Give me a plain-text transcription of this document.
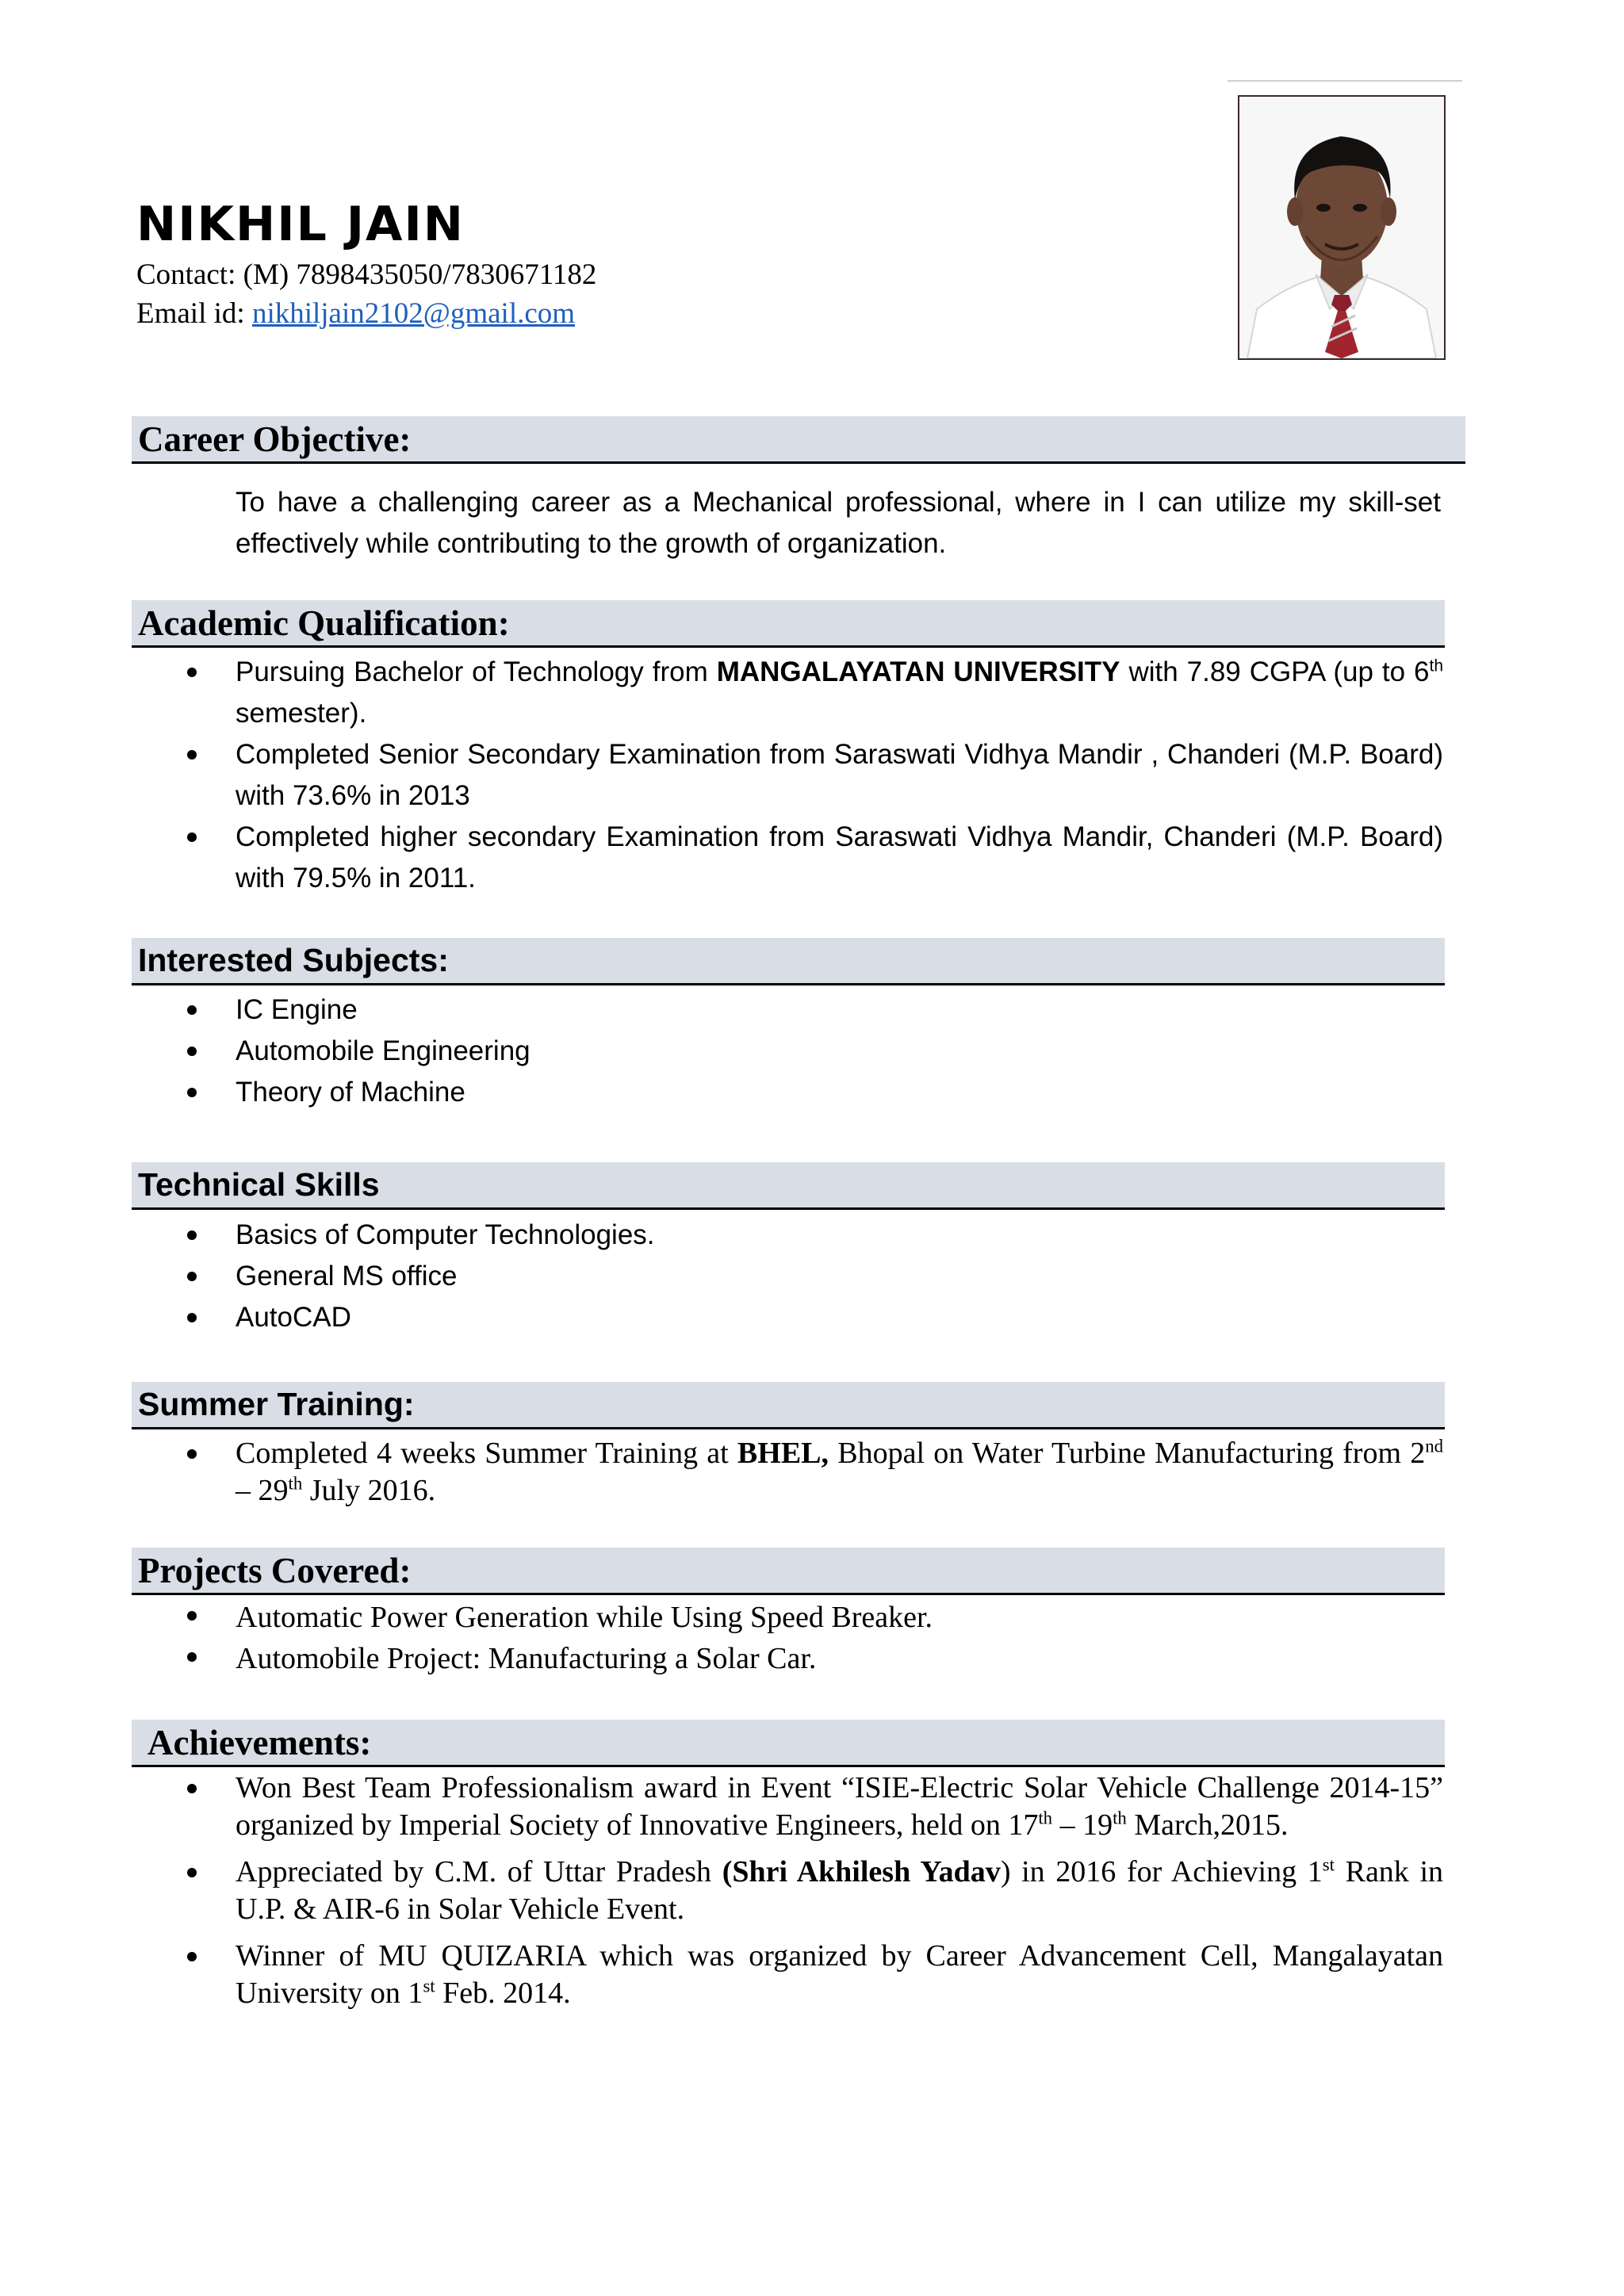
NIKHIL JAIN
Contact: (M) 7898435050/7830671182
Email id: nikhiljain2102@gmail.com
Career Objective:

To have a challenging career as a Mechanical professional, where in I can utilize my skill-set effectively while contributing to the growth of organization.

Academic Qualification:
Pursuing Bachelor of Technology from MANGALAYATAN UNIVERSITY with 7.89 CGPA (up to 6th semester).
Completed Senior Secondary Examination from Saraswati Vidhya Mandir , Chanderi (M.P. Board) with 73.6% in 2013
Completed higher secondary Examination from Saraswati Vidhya Mandir, Chanderi (M.P. Board) with 79.5% in 2011.
Interested Subjects:
IC Engine
Automobile Engineering
Theory of Machine
Technical Skills
Basics of Computer Technologies.
General MS office
AutoCAD
Summer Training:
Completed 4 weeks Summer Training at BHEL, Bhopal on Water Turbine Manufacturing from 2nd – 29th July 2016.
Projects Covered:
Automatic Power Generation while Using Speed Breaker.
Automobile Project: Manufacturing a Solar Car.
Achievements:
Won Best Team Professionalism award in Event “ISIE-Electric Solar Vehicle Challenge 2014-15” organized by Imperial Society of Innovative Engineers, held on 17th – 19th March,2015.
Appreciated by C.M. of Uttar Pradesh (Shri Akhilesh Yadav) in 2016 for Achieving 1st Rank in U.P. & AIR-6 in Solar Vehicle Event.
Winner of MU QUIZARIA which was organized by Career Advancement Cell, Mangalayatan University on 1st Feb. 2014.
